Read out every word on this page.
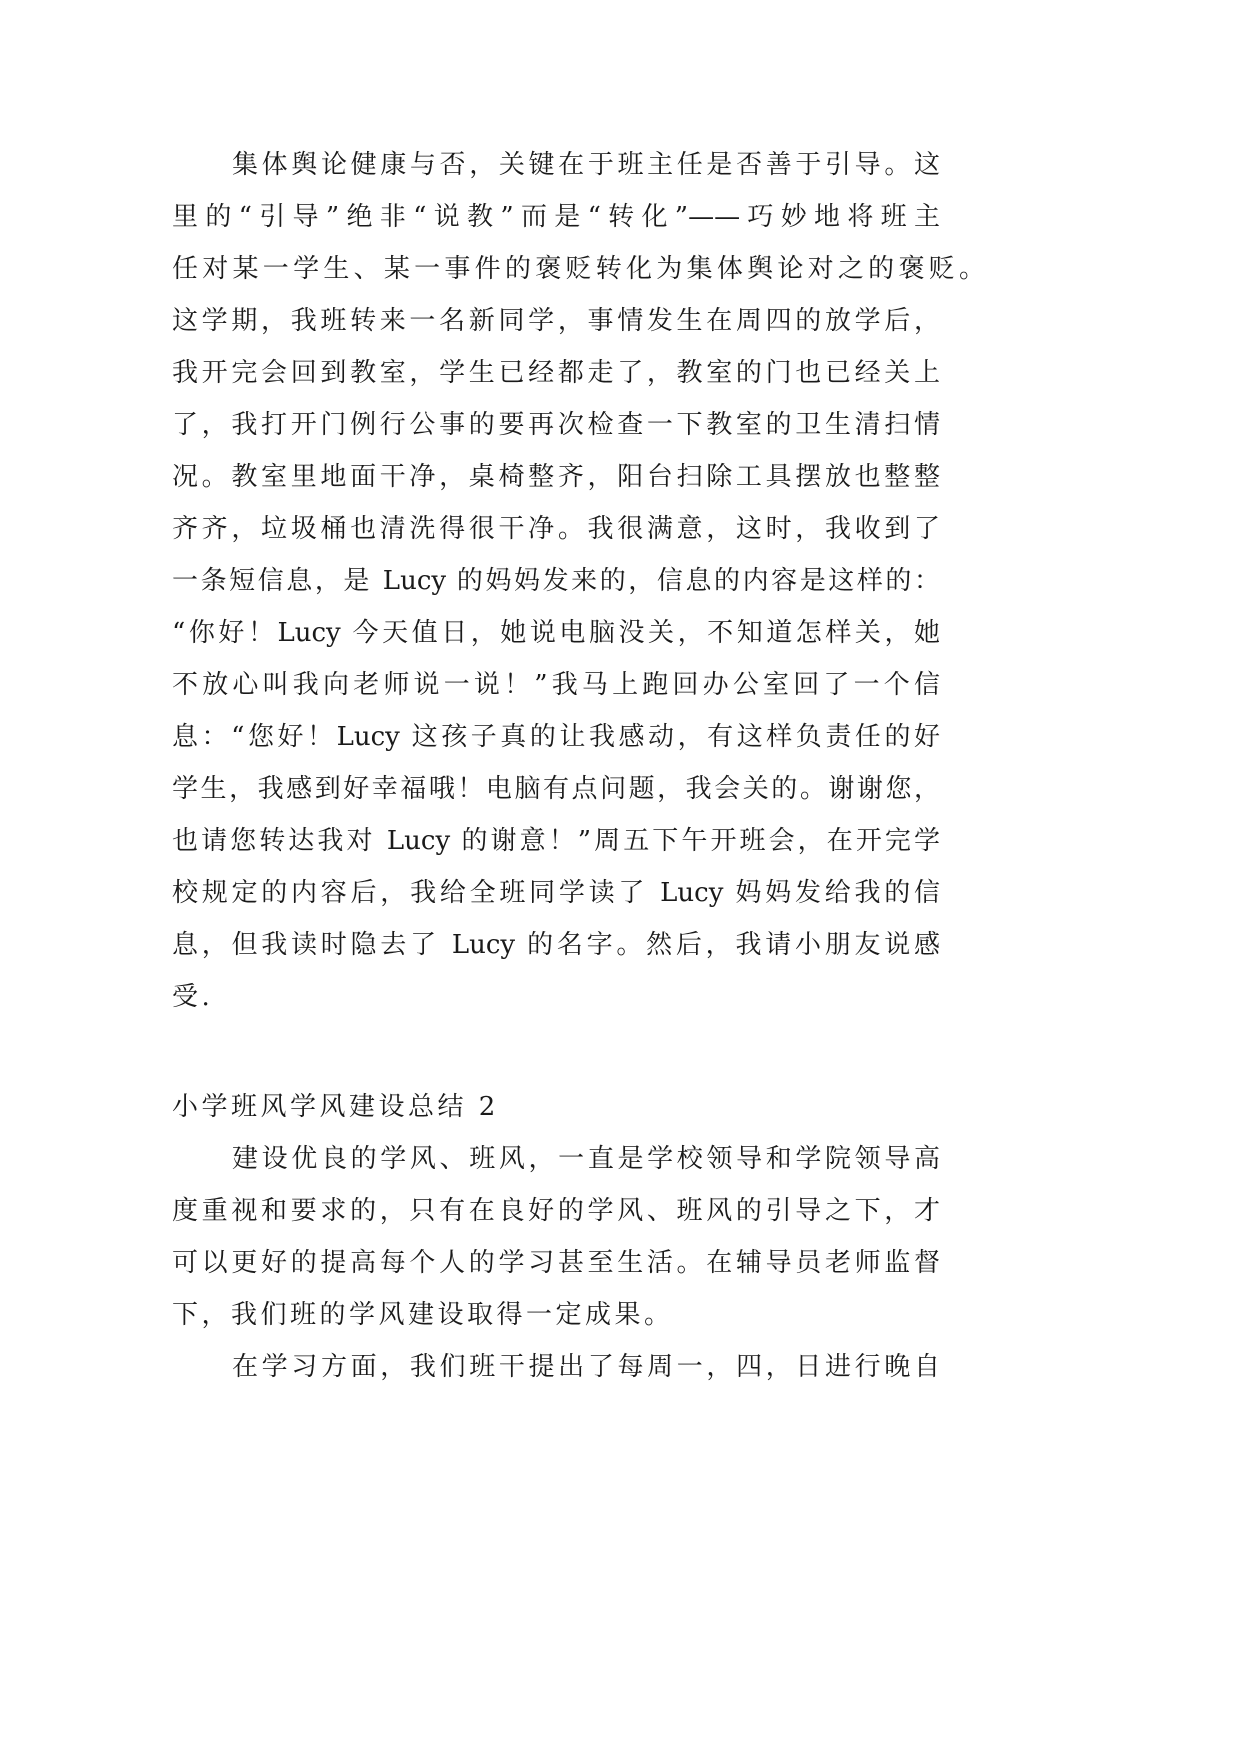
集体舆论健康与否，关键在于班主任是否善于引导。这
里的“引导”绝非“说教”而是“转化”——巧妙地将班主
任对某一学生、某一事件的褒贬转化为集体舆论对之的褒贬。
这学期，我班转来一名新同学，事情发生在周四的放学后，
我开完会回到教室，学生已经都走了，教室的门也已经关上
了，我打开门例行公事的要再次检查一下教室的卫生清扫情
况。教室里地面干净，桌椅整齐，阳台扫除工具摆放也整整
齐齐，垃圾桶也清洗得很干净。我很满意，这时，我收到了
一条短信息，是 Lucy 的妈妈发来的，信息的内容是这样的：
“你好！Lucy 今天值日，她说电脑没关，不知道怎样关，她
不放心叫我向老师说一说！”我马上跑回办公室回了一个信
息：“您好！Lucy 这孩子真的让我感动，有这样负责任的好
学生，我感到好幸福哦！电脑有点问题，我会关的。谢谢您，
也请您转达我对 Lucy 的谢意！”周五下午开班会，在开完学
校规定的内容后，我给全班同学读了 Lucy 妈妈发给我的信
息，但我读时隐去了 Lucy 的名字。然后，我请小朋友说感
受.
小学班风学风建设总结 2
建设优良的学风、班风，一直是学校领导和学院领导高
度重视和要求的，只有在良好的学风、班风的引导之下，才
可以更好的提高每个人的学习甚至生活。在辅导员老师监督
下，我们班的学风建设取得一定成果。
在学习方面，我们班干提出了每周一，四，日进行晚自
